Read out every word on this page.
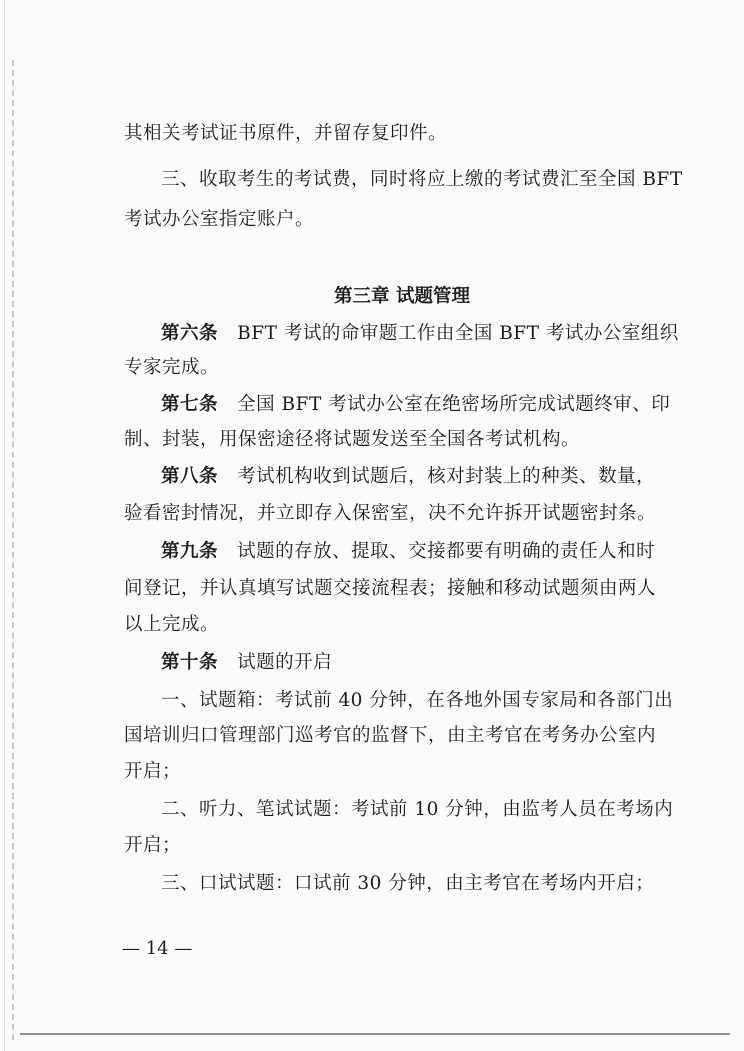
其相关考试证书原件，并留存复印件。
三、收取考生的考试费，同时将应上缴的考试费汇至全国 BFT
考试办公室指定账户。
第三章 试题管理
第六条 BFT 考试的命审题工作由全国 BFT 考试办公室组织
专家完成。
第七条 全国 BFT 考试办公室在绝密场所完成试题终审、印
制、封装，用保密途径将试题发送至全国各考试机构。
第八条 考试机构收到试题后，核对封装上的种类、数量，
验看密封情况，并立即存入保密室，决不允许拆开试题密封条。
第九条 试题的存放、提取、交接都要有明确的责任人和时
间登记，并认真填写试题交接流程表；接触和移动试题须由两人
以上完成。
第十条 试题的开启
一、试题箱：考试前 40 分钟，在各地外国专家局和各部门出
国培训归口管理部门巡考官的监督下，由主考官在考务办公室内
开启；
二、听力、笔试试题：考试前 10 分钟，由监考人员在考场内
开启；
三、口试试题：口试前 30 分钟，由主考官在考场内开启；
— 14 —
